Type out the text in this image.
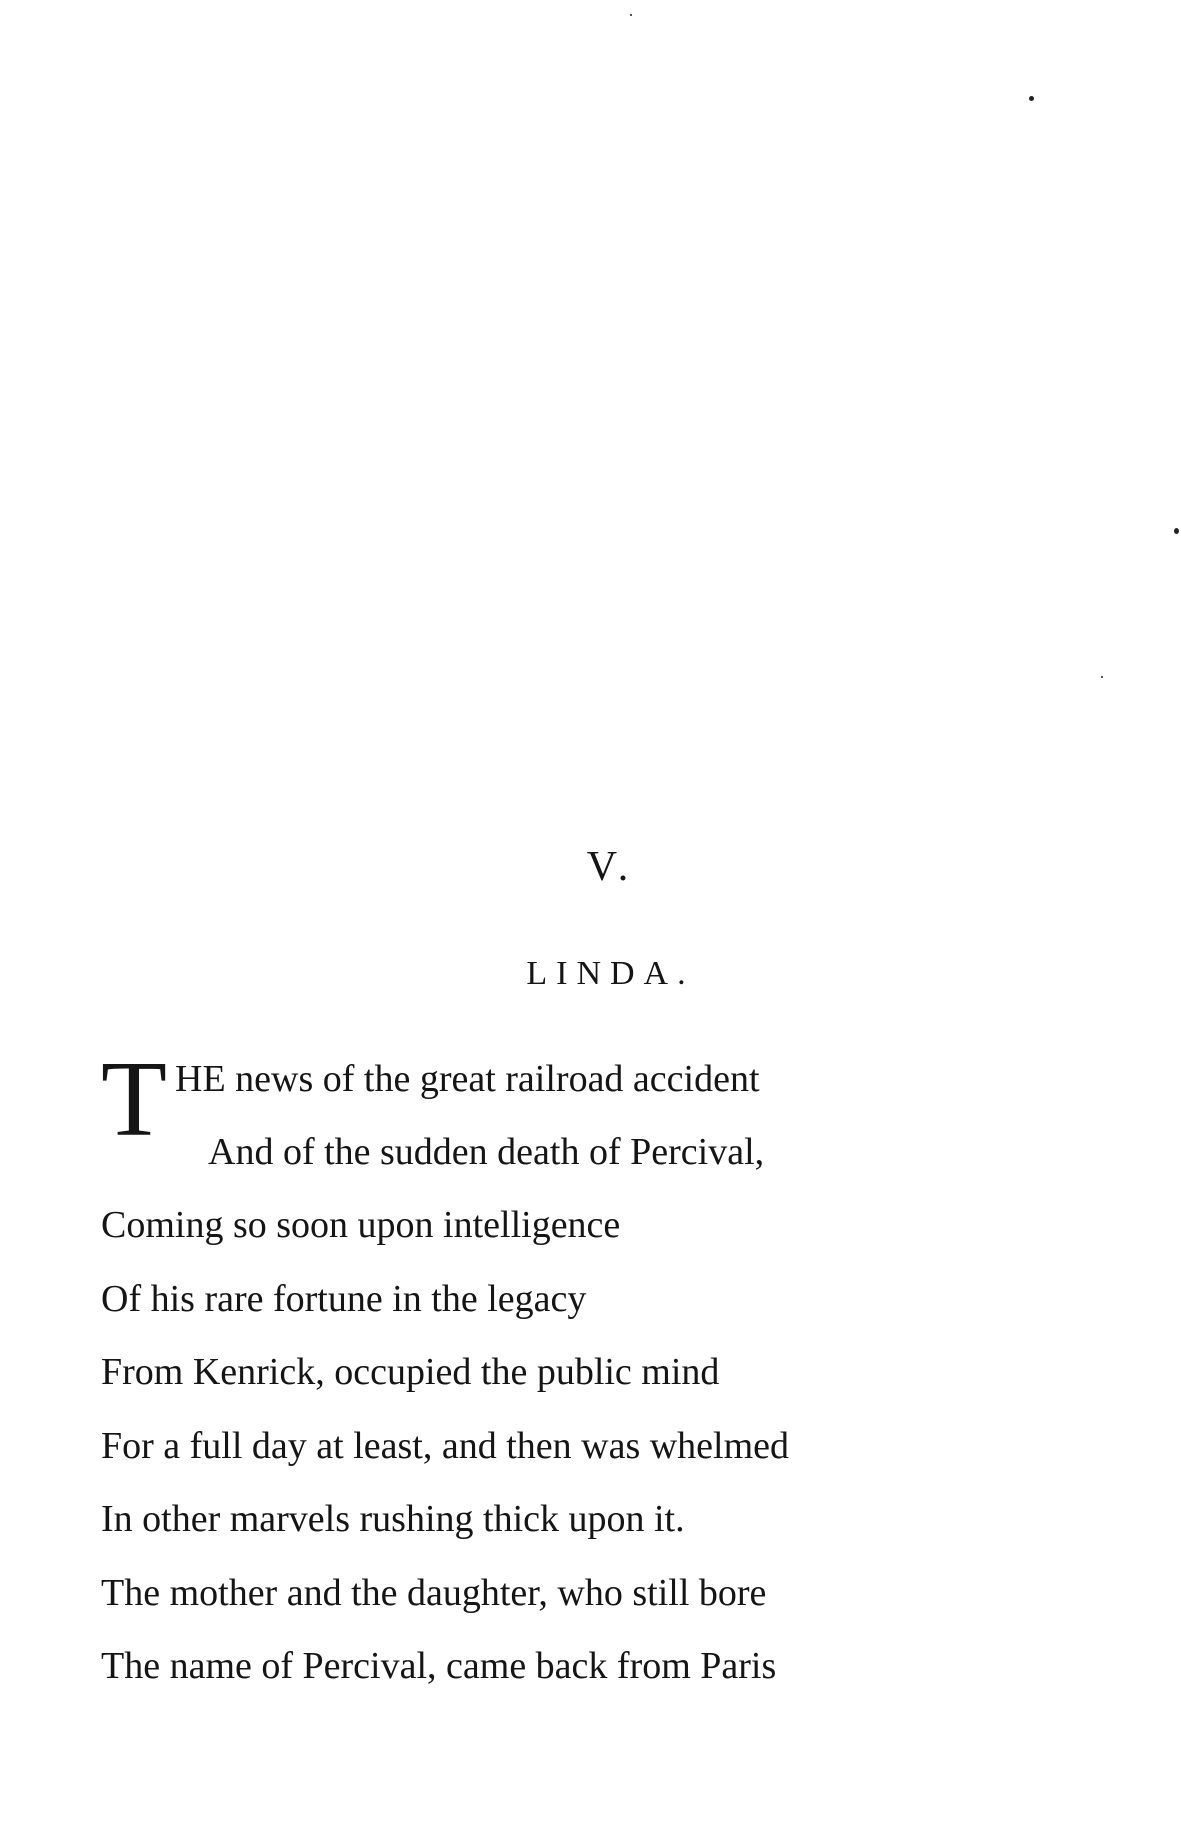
V.
LINDA.
T HE news of the great railroad accident
And of the sudden death of Percival,
Coming so soon upon intelligence
Of his rare fortune in the legacy
From Kenrick, occupied the public mind
For a full day at least, and then was whelmed
In other marvels rushing thick upon it.
The mother and the daughter, who still bore
The name of Percival, came back from Paris
